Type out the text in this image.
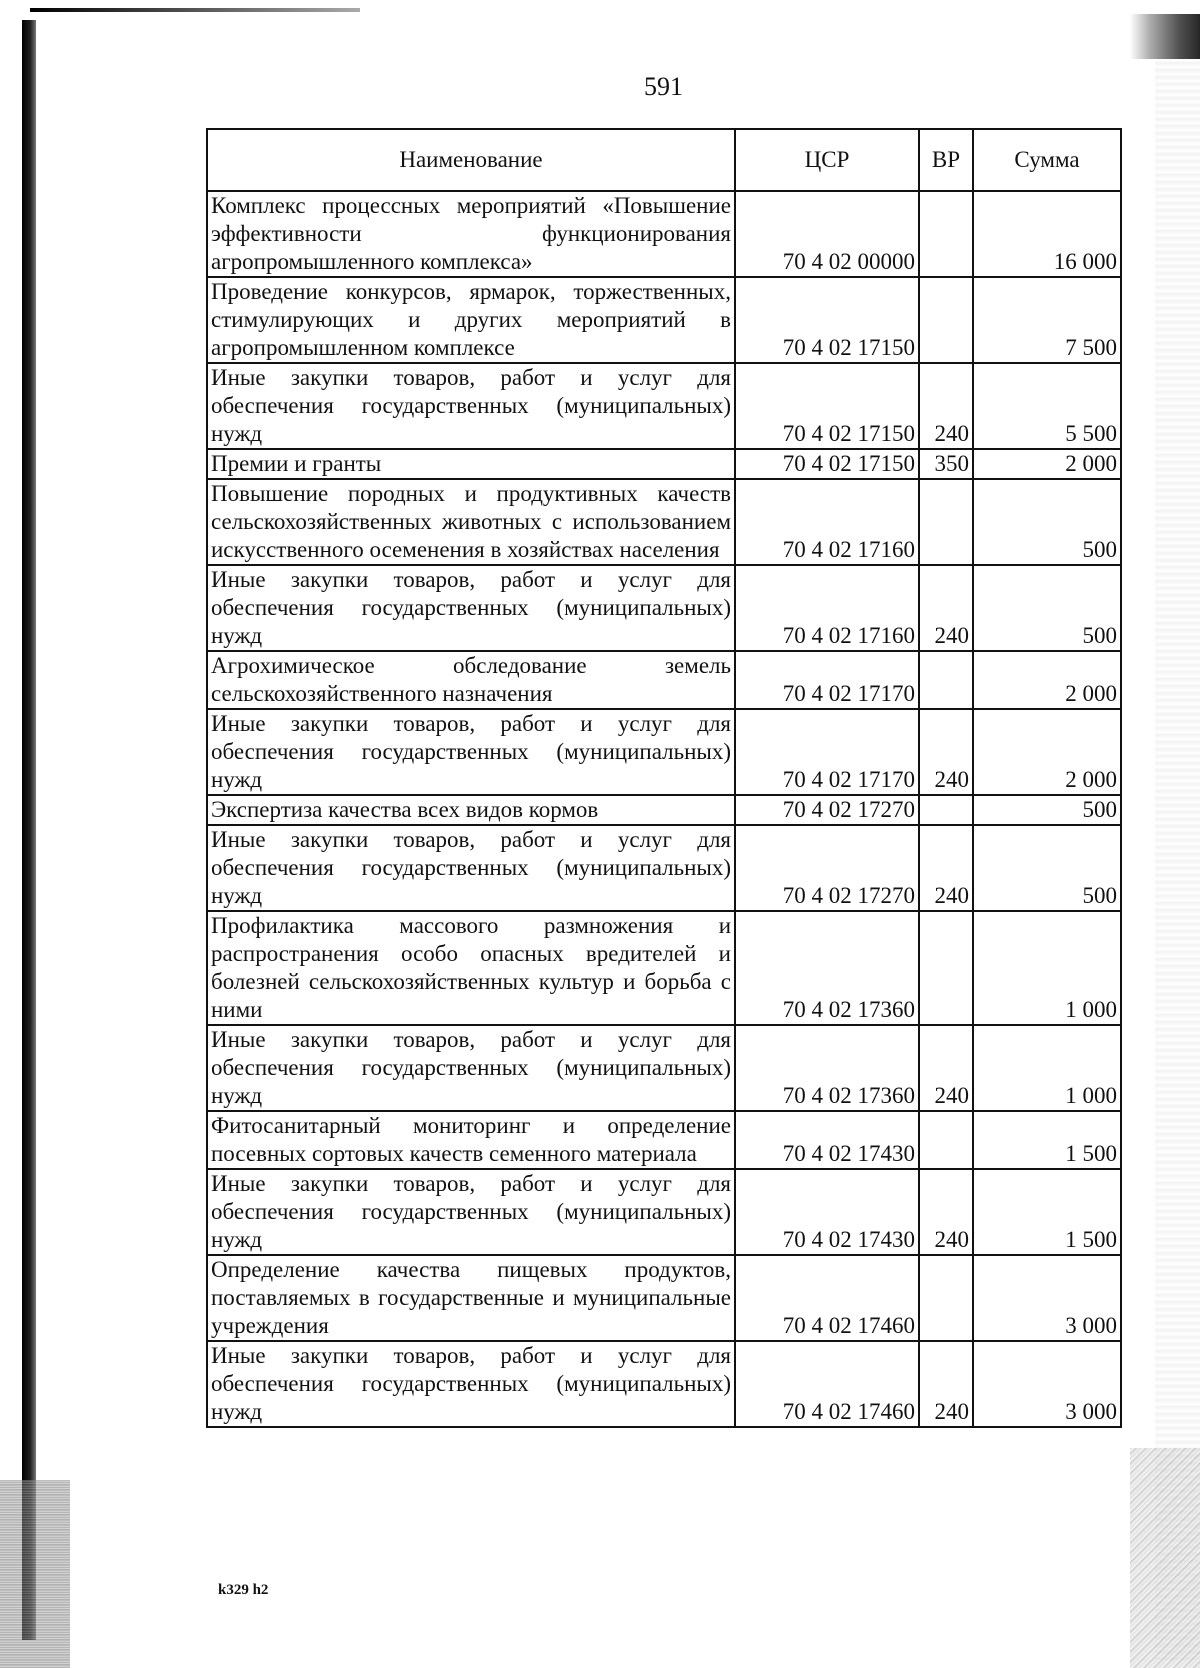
591
Наименование	ЦСР	ВР	Сумма
Комплекс процессных мероприятий «Повышение эффективности функционирования агропромышленного комплекса»	70 4 02 00000		16 000
Проведение конкурсов, ярмарок, торжественных, стимулирующих и других мероприятий в агропромышленном комплексе	70 4 02 17150		7 500
Иные закупки товаров, работ и услуг для обеспечения государственных (муниципальных) нужд	70 4 02 17150	240	5 500
Премии и гранты	70 4 02 17150	350	2 000
Повышение породных и продуктивных качеств сельскохозяйственных животных с использованием искусственного осеменения в хозяйствах населения	70 4 02 17160		500
Иные закупки товаров, работ и услуг для обеспечения государственных (муниципальных) нужд	70 4 02 17160	240	500
Агрохимическое обследование земель сельскохозяйственного назначения	70 4 02 17170		2 000
Иные закупки товаров, работ и услуг для обеспечения государственных (муниципальных) нужд	70 4 02 17170	240	2 000
Экспертиза качества всех видов кормов	70 4 02 17270		500
Иные закупки товаров, работ и услуг для обеспечения государственных (муниципальных) нужд	70 4 02 17270	240	500
Профилактика массового размножения и распространения особо опасных вредителей и болезней сельскохозяйственных культур и борьба с ними	70 4 02 17360		1 000
Иные закупки товаров, работ и услуг для обеспечения государственных (муниципальных) нужд	70 4 02 17360	240	1 000
Фитосанитарный мониторинг и определение посевных сортовых качеств семенного материала	70 4 02 17430		1 500
Иные закупки товаров, работ и услуг для обеспечения государственных (муниципальных) нужд	70 4 02 17430	240	1 500
Определение качества пищевых продуктов, поставляемых в государственные и муниципальные учреждения	70 4 02 17460		3 000
Иные закупки товаров, работ и услуг для обеспечения государственных (муниципальных) нужд	70 4 02 17460	240	3 000
k329 h2
